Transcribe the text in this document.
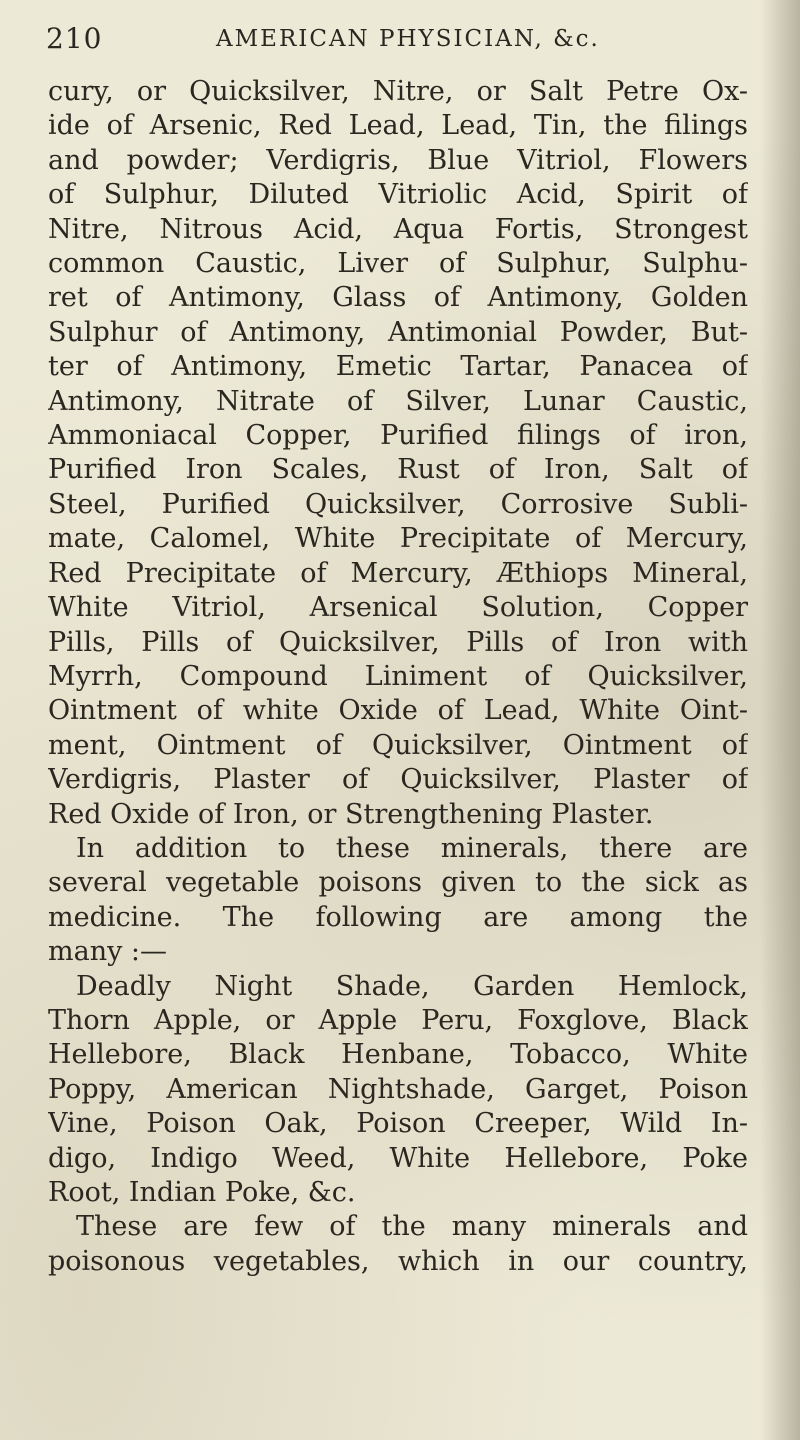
210	AMERICAN PHYSICIAN, &c.
cury, or Quicksilver, Nitre, or Salt Petre Ox-
ide of Arsenic, Red Lead, Lead, Tin, the filings
and powder; Verdigris, Blue Vitriol, Flowers
of Sulphur, Diluted Vitriolic Acid, Spirit of
Nitre, Nitrous Acid, Aqua Fortis, Strongest
common Caustic, Liver of Sulphur, Sulphu-
ret of Antimony, Glass of Antimony, Golden
Sulphur of Antimony, Antimonial Powder, But-
ter of Antimony, Emetic Tartar, Panacea of
Antimony, Nitrate of Silver, Lunar Caustic,
Ammoniacal Copper, Purified filings of iron,
Purified Iron Scales, Rust of Iron, Salt of
Steel, Purified Quicksilver, Corrosive Subli-
mate, Calomel, White Precipitate of Mercury,
Red Precipitate of Mercury, Æthiops Mineral,
White Vitriol, Arsenical Solution, Copper
Pills, Pills of Quicksilver, Pills of Iron with
Myrrh, Compound Liniment of Quicksilver,
Ointment of white Oxide of Lead, White Oint-
ment, Ointment of Quicksilver, Ointment of
Verdigris, Plaster of Quicksilver, Plaster of
Red Oxide of Iron, or Strengthening Plaster.
In addition to these minerals, there are
several vegetable poisons given to the sick as
medicine. The following are among the
many :—
Deadly Night Shade, Garden Hemlock,
Thorn Apple, or Apple Peru, Foxglove, Black
Hellebore, Black Henbane, Tobacco, White
Poppy, American Nightshade, Garget, Poison
Vine, Poison Oak, Poison Creeper, Wild In-
digo, Indigo Weed, White Hellebore, Poke
Root, Indian Poke, &c.
These are few of the many minerals and
poisonous vegetables, which in our country,
